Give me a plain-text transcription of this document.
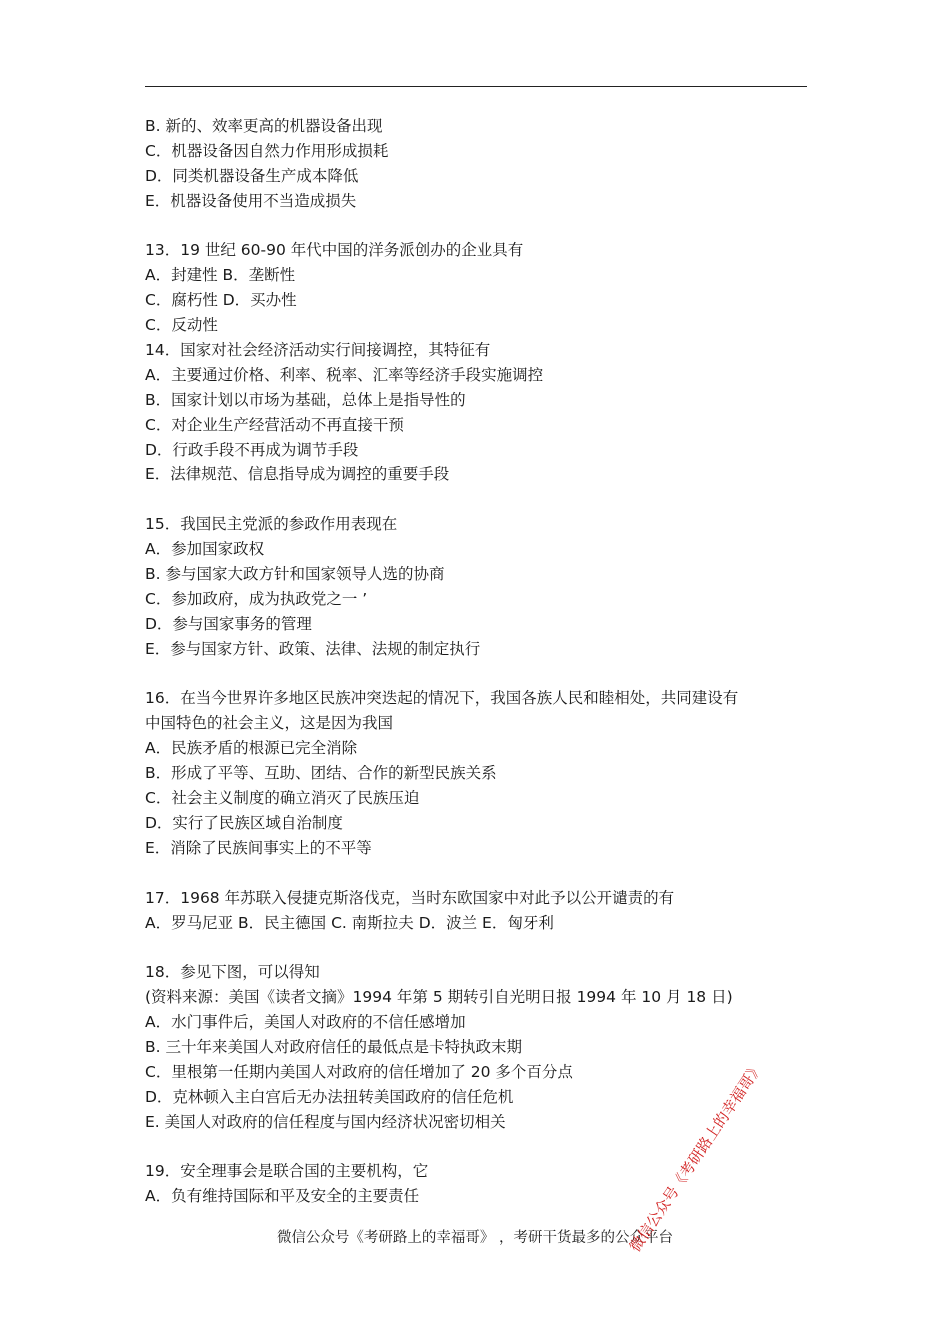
B. 新的、效率更高的机器设备出现
C．机器设备因自然力作用形成损耗
D．同类机器设备生产成本降低
E．机器设备使用不当造成损失
13．19 世纪 60-90 年代中国的洋务派创办的企业具有
A．封建性 B．垄断性
C．腐朽性 D．买办性
C．反动性
14．国家对社会经济活动实行间接调控，其特征有
A．主要通过价格、利率、税率、汇率等经济手段实施调控
B．国家计划以市场为基础，总体上是指导性的
C．对企业生产经营活动不再直接干预
D．行政手段不再成为调节手段
E．法律规范、信息指导成为调控的重要手段
15．我国民主党派的参政作用表现在
A．参加国家政权
B. 参与国家大政方针和国家领导人选的协商
C．参加政府，成为执政党之一 ’
D．参与国家事务的管理
E．参与国家方针、政策、法律、法规的制定执行
16．在当今世界许多地区民族冲突迭起的情况下，我国各族人民和睦相处，共同建设有
中国特色的社会主义，这是因为我国
A．民族矛盾的根源已完全消除
B．形成了平等、互助、团结、合作的新型民族关系
C．社会主义制度的确立消灭了民族压迫
D．实行了民族区域自治制度
E．消除了民族间事实上的不平等
17．1968 年苏联入侵捷克斯洛伐克，当时东欧国家中对此予以公开谴责的有
A．罗马尼亚 B．民主德国 C. 南斯拉夫 D．波兰 E．匈牙利
18．参见下图，可以得知
(资料来源：美国《读者文摘》1994 年第 5 期转引自光明日报 1994 年 10 月 18 日)
A．水门事件后，美国人对政府的不信任感增加
B. 三十年来美国人对政府信任的最低点是卡特执政末期
C．里根第一任期内美国人对政府的信任增加了 20 多个百分点
D．克林顿入主白宫后无办法扭转美国政府的信任危机
E. 美国人对政府的信任程度与国内经济状况密切相关
19．安全理事会是联合国的主要机构，它
A．负有维持国际和平及安全的主要责任
微信公众号《考研路上的幸福哥》 ，考研干货最多的公众平台
微信公众号《考研路上的幸福哥》
